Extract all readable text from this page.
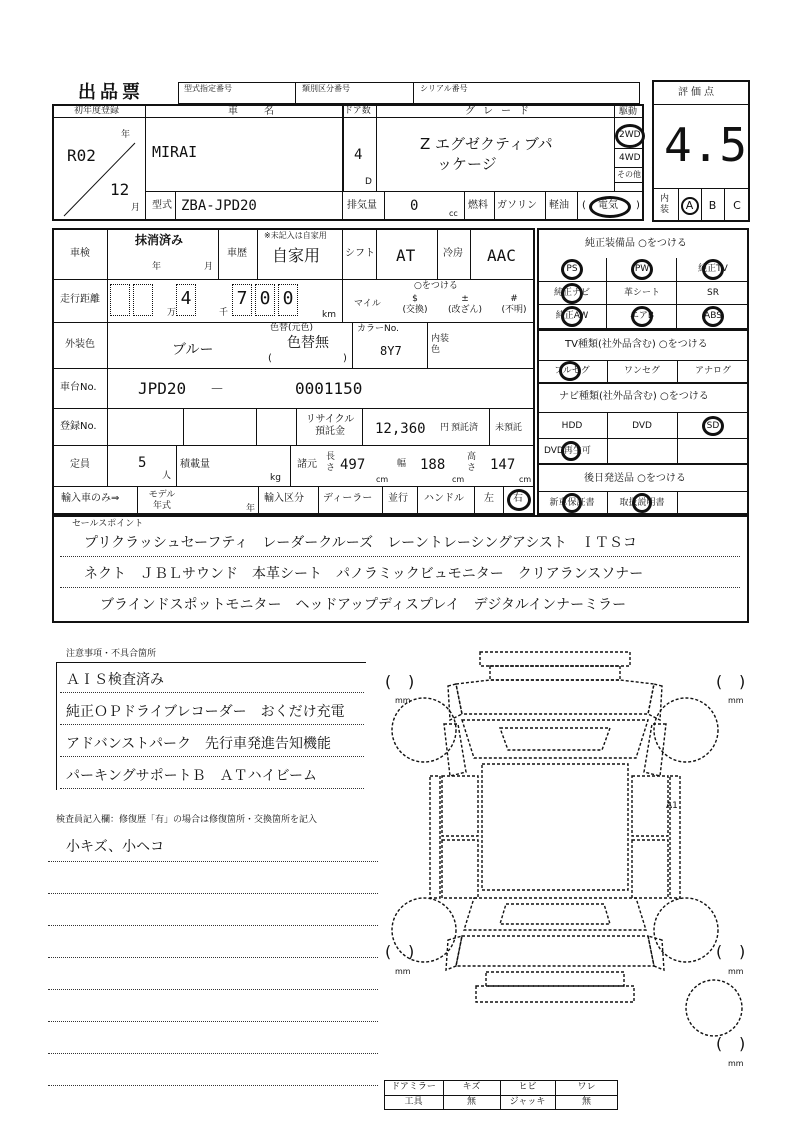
出品票	型式指定番号	類別区分番号	シリアル番号	評価点
4.5
内装	A	B	C
初年度登録
年
月
R02
12
車　名
MIRAI
ドア数
4
D
グレード
Z エグゼクティブパ
ッケージ
駆動
2WD
4WD
その他
型式 ZBA-JPD20	排気量 0	cc
燃料 ガソリン 軽油 ( 電気 )
車検
抹消済み
年	月
車歴
※未記入は自家用
自家用 シフト AT	冷房 AAC
走行距離	4	7 0 0
万	千	km
○をつける
マイル	$
(交換)
±
(改ざん)
#
(不明)
外装色	ブルー
色替(元色)
色替無
(	)
カラーNo.
8Y7
内装色
車台No.	JPD20 －	0001150
登録No.
リサイクル預託金	12,360 円 預託済 未預託
定員	5
人
積載量
kg
諸元
長さ 497
cm
幅 188
cm
高さ 147
cm
輸入車のみ⇒	モデル年式	年
輸入区分 ディーラー 並行 ハンドル 左 右
純正装備品 ○をつける
PS	PW	純正TV
純正ナビ	革シート	SR
純正AW	エアB	ABS
TV種類(社外品含む) ○をつける
フルセグ	ワンセグ	アナログ
ナビ種類(社外品含む) ○をつける
HDD	DVD	SD
DVD再生可
後日発送品 ○をつける
新車保証書	取扱説明書
セールスポイント
プリクラッシュセーフティ　レーダークルーズ　レーントレーシングアシスト　ＩＴＳコ
ネクト　ＪＢＬサウンド　本革シート　パノラミックビュモニター　クリアランスソナー
ブラインドスポットモニター　ヘッドアップディスプレイ　デジタルインナーミラー
注意事項・不具合箇所
ＡＩＳ検査済み
純正ＯＰドライブレコーダー　おくだけ充電
アドバンストパーク　先行車発進告知機能
パーキングサポートＢ　ＡＴハイビーム
検査員記入欄：修復歴「有」の場合は修復箇所・交換箇所を記入
小キズ、小ヘコ
A1
( )
mm
( )
mm
( )
mm
( )
mm
( )
mm
ドアミラー	キズ	ヒビ	ワレ
工具	無	ジャッキ	無
